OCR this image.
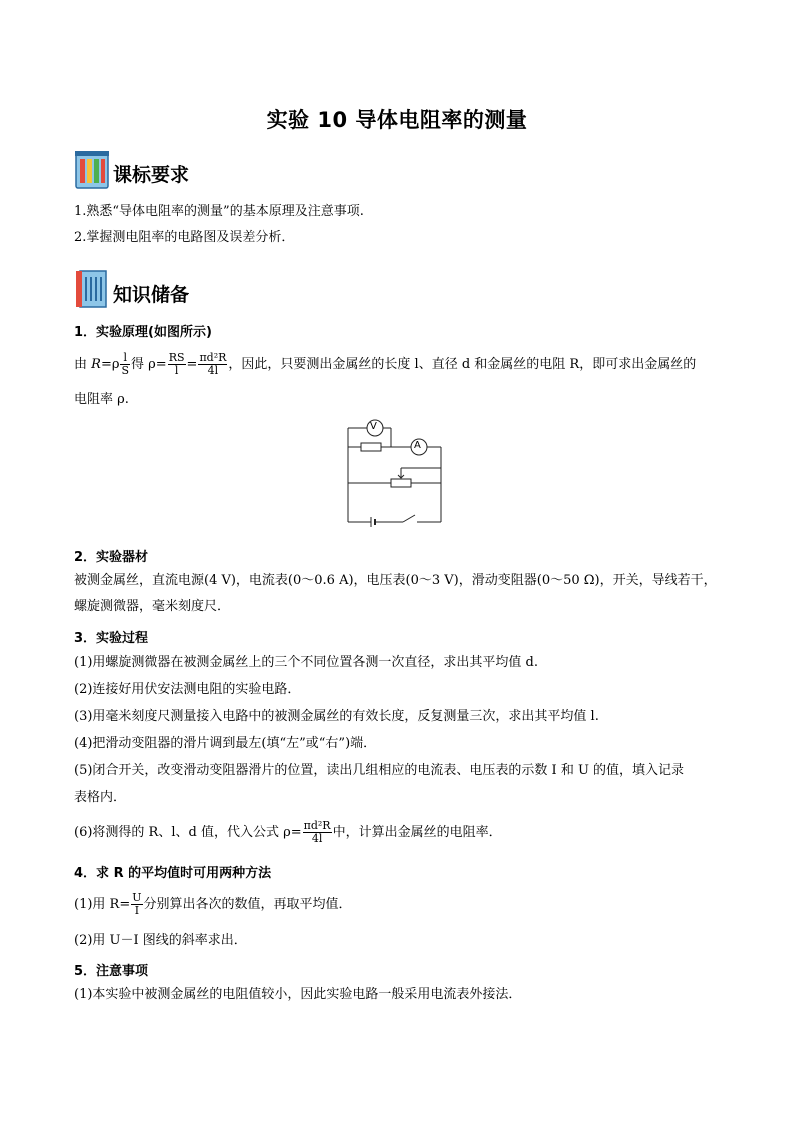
实验 10 导体电阻率的测量
课标要求
1.熟悉“导体电阻率的测量”的基本原理及注意事项.
2.掌握测电阻率的电路图及误差分析．
知识储备
1．实验原理(如图所示)
由 $R=\rho \frac{l}{S}$ 得 $\rho= \frac{RS}{l} = \frac{\text{πd²R}}{4l}$ ，因此，只要测出金属丝的长度 l、直径 d 和金属丝的电阻 R，即可求出金属丝的
电阻率 ρ.
V
A
2．实验器材
被测金属丝，直流电源(4 V)，电流表(0～0.6 A)，电压表(0～3 V)，滑动变阻器(0～50 Ω)，开关，导线若干，
螺旋测微器，毫米刻度尺．
3．实验过程
(1)用螺旋测微器在被测金属丝上的三个不同位置各测一次直径，求出其平均值 d.
(2)连接好用伏安法测电阻的实验电路．
(3)用毫米刻度尺测量接入电路中的被测金属丝的有效长度，反复测量三次，求出其平均值 l.
(4)把滑动变阻器的滑片调到最左(填“左”或“右”)端．
(5)闭合开关，改变滑动变阻器滑片的位置，读出几组相应的电流表、电压表的示数 I 和 U 的值，填入记录
表格内．
(6)将测得的 R、l、d 值，代入公式 $\rho= \frac{\text{πd²R}}{4l}$ 中，计算出金属丝的电阻率．
4．求 R 的平均值时可用两种方法
(1)用 $R= \frac{U}{I}$ 分别算出各次的数值，再取平均值．
(2)用 U－I 图线的斜率求出．
5．注意事项
(1)本实验中被测金属丝的电阻值较小，因此实验电路一般采用电流表外接法．
